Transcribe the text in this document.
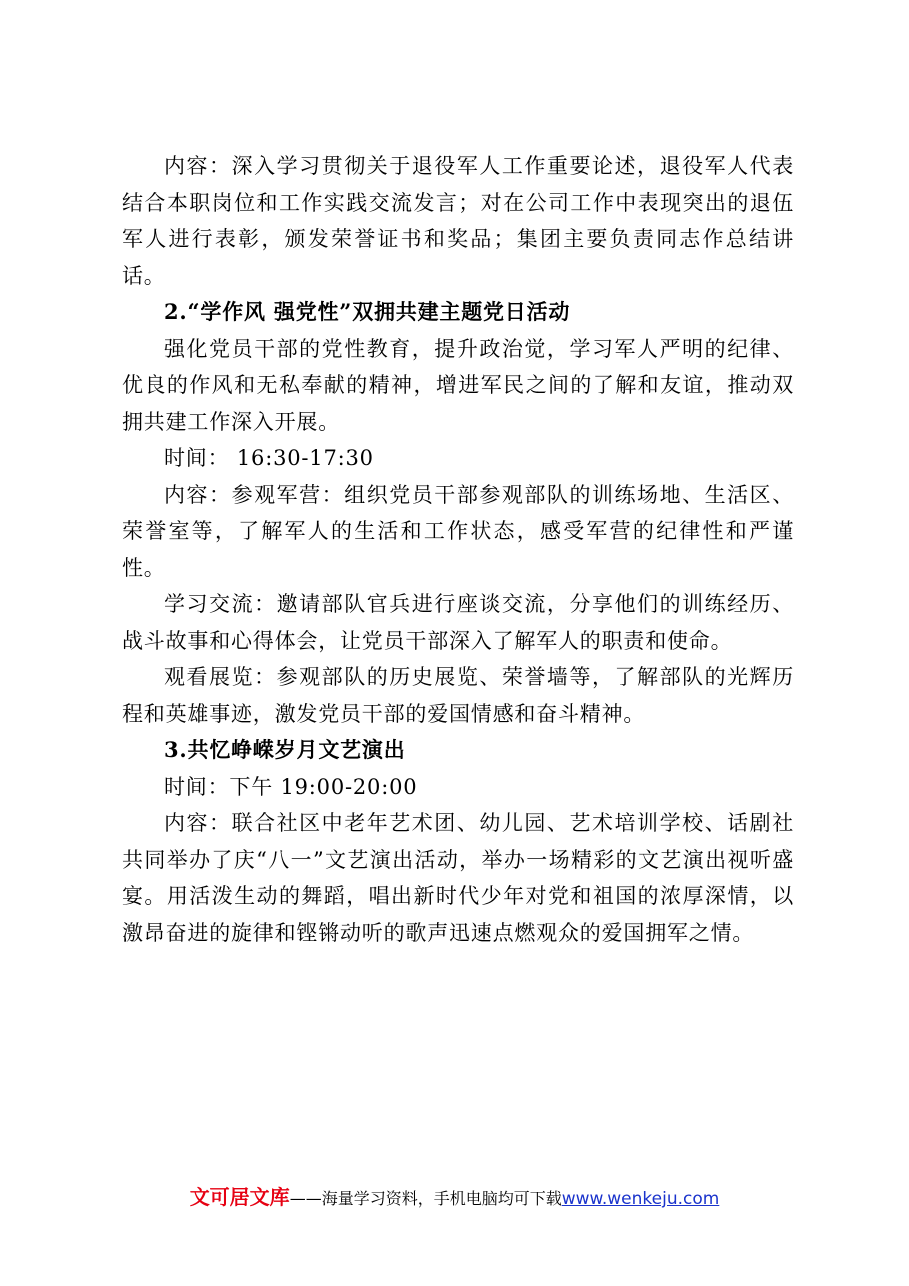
内容：深入学习贯彻关于退役军人工作重要论述，退役军人代表结合本职岗位和工作实践交流发言；对在公司工作中表现突出的退伍军人进行表彰，颁发荣誉证书和奖品；集团主要负责同志作总结讲话。

2.“学作风 强党性”双拥共建主题党日活动

强化党员干部的党性教育，提升政治觉，学习军人严明的纪律、优良的作风和无私奉献的精神，增进军民之间的了解和友谊，推动双拥共建工作深入开展。

时间： 16:30-17:30

内容：参观军营：组织党员干部参观部队的训练场地、生活区、荣誉室等，了解军人的生活和工作状态，感受军营的纪律性和严谨性。

学习交流：邀请部队官兵进行座谈交流，分享他们的训练经历、战斗故事和心得体会，让党员干部深入了解军人的职责和使命。

观看展览：参观部队的历史展览、荣誉墙等，了解部队的光辉历程和英雄事迹，激发党员干部的爱国情感和奋斗精神。

3.共忆峥嵘岁月文艺演出

时间：下午 19:00-20:00

内容：联合社区中老年艺术团、幼儿园、艺术培训学校、话剧社共同举办了庆“八一”文艺演出活动，举办一场精彩的文艺演出视听盛宴。用活泼生动的舞蹈，唱出新时代少年对党和祖国的浓厚深情，以激昂奋进的旋律和铿锵动听的歌声迅速点燃观众的爱国拥军之情。

文可居文库——海量学习资料，手机电脑均可下载www.wenkeju.com
